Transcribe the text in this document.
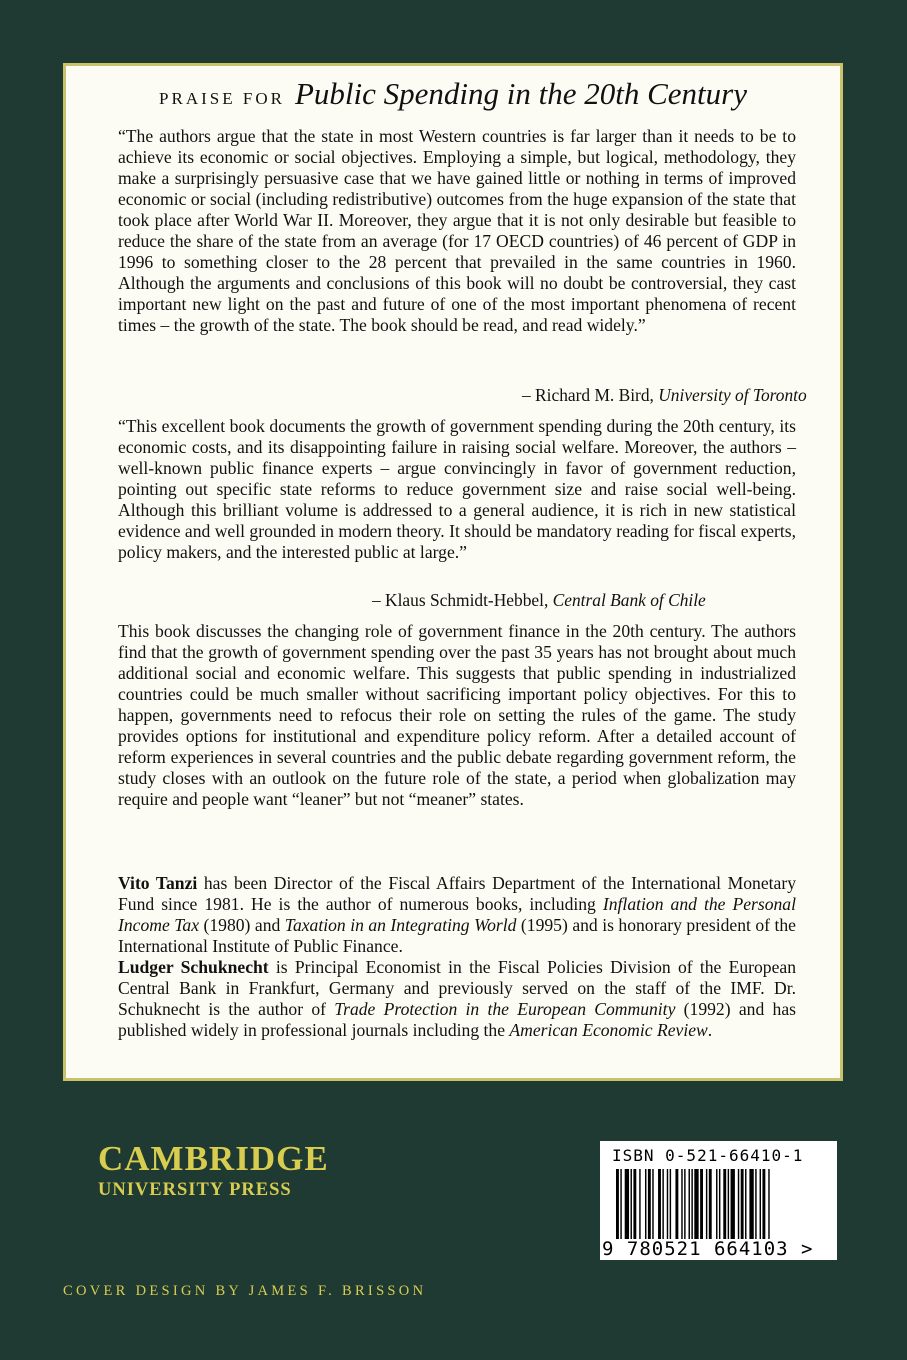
PRAISE FOR Public Spending in the 20th Century

“The authors argue that the state in most Western countries is far larger than it needs to be to achieve its economic or social objectives. Employing a simple, but logical, methodology, they make a surprisingly persuasive case that we have gained little or nothing in terms of improved economic or social (including redistributive) outcomes from the huge expansion of the state that took place after World War II. Moreover, they argue that it is not only desirable but feasible to reduce the share of the state from an average (for 17 OECD countries) of 46 percent of GDP in 1996 to something closer to the 28 percent that prevailed in the same countries in 1960. Although the arguments and conclusions of this book will no doubt be controversial, they cast important new light on the past and future of one of the most important phenomena of recent times – the growth of the state. The book should be read, and read widely.”

– Richard M. Bird, University of Toronto

“This excellent book documents the growth of government spending during the 20th century, its economic costs, and its disappointing failure in raising social welfare. Moreover, the authors – well-known public finance experts – argue convincingly in favor of government reduction, pointing out specific state reforms to reduce government size and raise social well-being. Although this brilliant volume is addressed to a general audience, it is rich in new statistical evidence and well grounded in modern theory. It should be mandatory reading for fiscal experts, policy makers, and the interested public at large.”

– Klaus Schmidt-Hebbel, Central Bank of Chile

This book discusses the changing role of government finance in the 20th century. The authors find that the growth of government spending over the past 35 years has not brought about much additional social and economic welfare. This suggests that public spending in industrialized countries could be much smaller without sacrificing important policy objectives. For this to happen, governments need to refocus their role on setting the rules of the game. The study provides options for institutional and expenditure policy reform. After a detailed account of reform experiences in several countries and the public debate regarding government reform, the study closes with an outlook on the future role of the state, a period when globalization may require and people want “leaner” but not “meaner” states.

Vito Tanzi has been Director of the Fiscal Affairs Department of the International Monetary Fund since 1981. He is the author of numerous books, including Inflation and the Personal Income Tax (1980) and Taxation in an Integrating World (1995) and is honorary president of the International Institute of Public Finance.
Ludger Schuknecht is Principal Economist in the Fiscal Policies Division of the European Central Bank in Frankfurt, Germany and previously served on the staff of the IMF. Dr. Schuknecht is the author of Trade Protection in the European Community (1992) and has published widely in professional journals including the American Economic Review.

CAMBRIDGE
UNIVERSITY PRESS
ISBN 0-521-66410-1
9 780521 664103 >
COVER DESIGN BY JAMES F. BRISSON
